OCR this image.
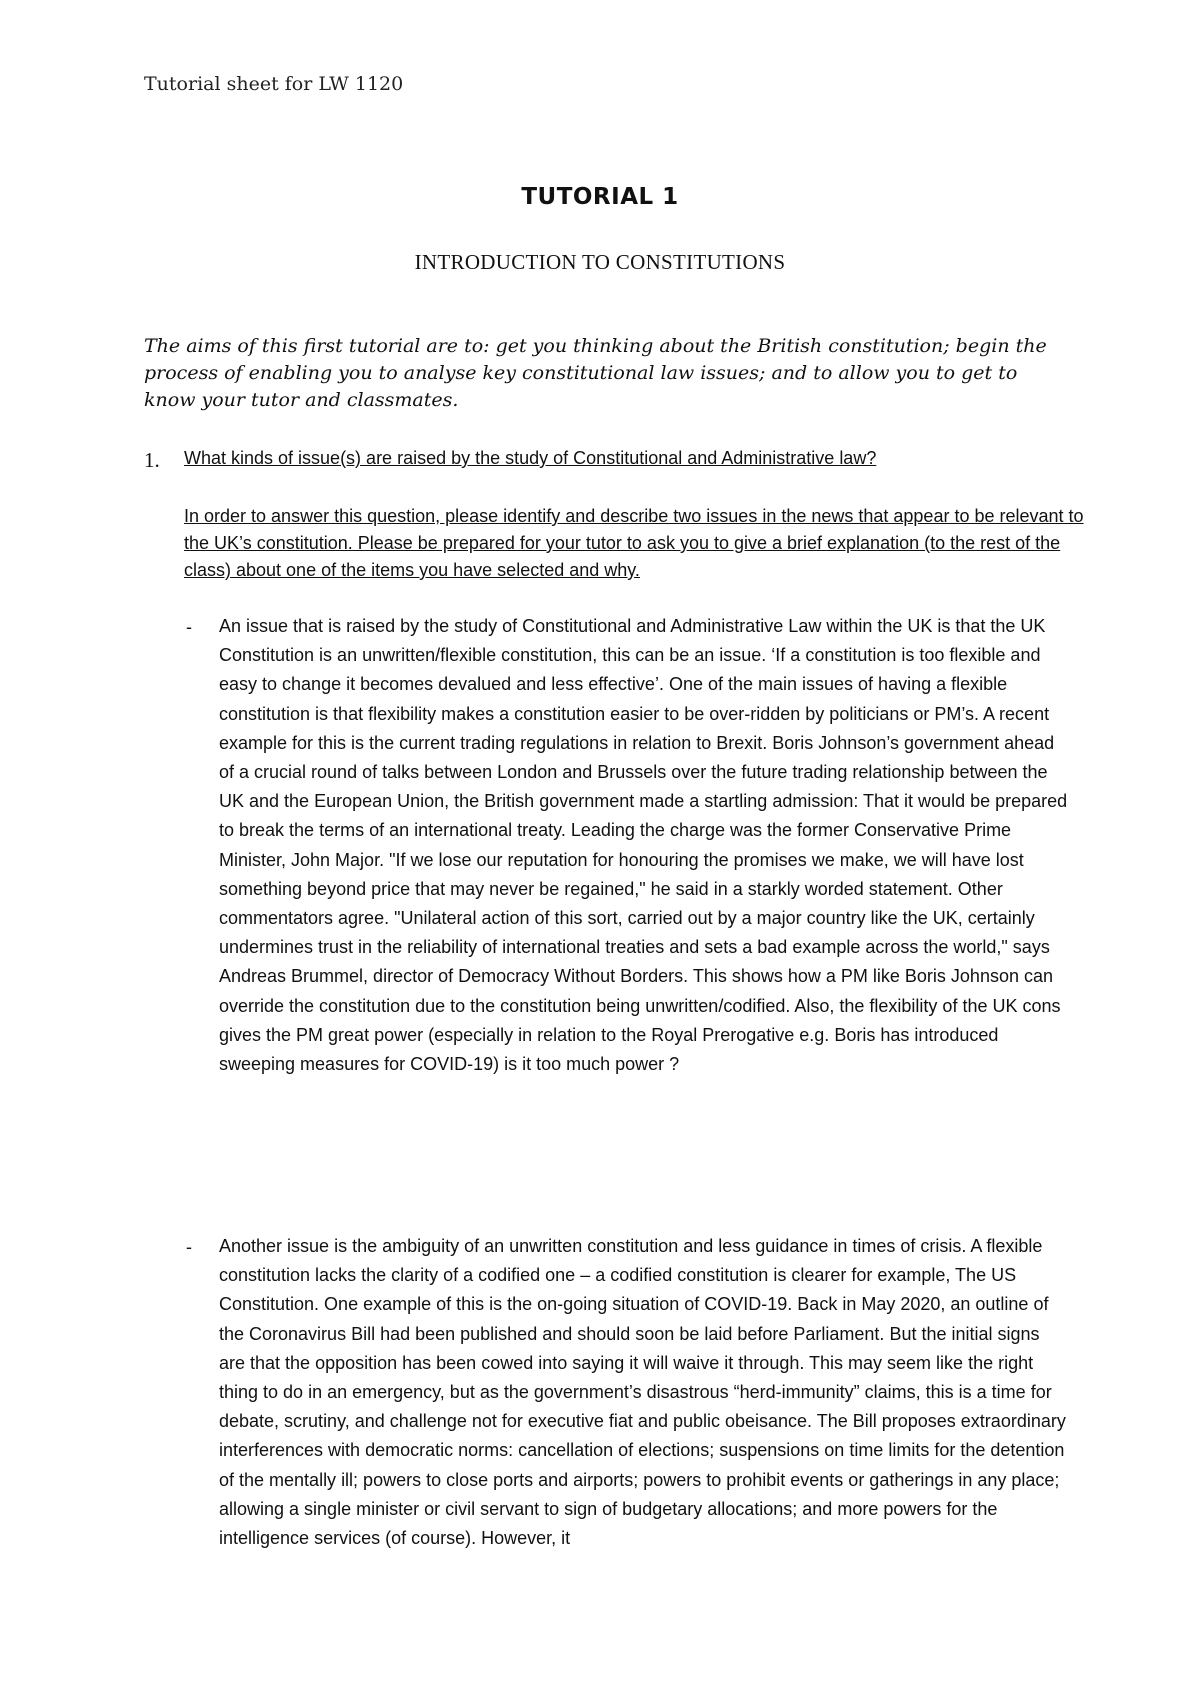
Tutorial sheet for LW 1120
TUTORIAL 1
INTRODUCTION TO CONSTITUTIONS
The aims of this first tutorial are to: get you thinking about the British constitution; begin the process of enabling you to analyse key constitutional law issues; and to allow you to get to know your tutor and classmates.
1. What kinds of issue(s) are raised by the study of Constitutional and Administrative law?
In order to answer this question, please identify and describe two issues in the news that appear to be relevant to the UK’s constitution. Please be prepared for your tutor to ask you to give a brief explanation (to the rest of the class) about one of the items you have selected and why.
- An issue that is raised by the study of Constitutional and Administrative Law within the UK is that the UK Constitution is an unwritten/flexible constitution, this can be an issue. ‘If a constitution is too flexible and easy to change it becomes devalued and less effective’. One of the main issues of having a flexible constitution is that flexibility makes a constitution easier to be over-ridden by politicians or PM’s. A recent example for this is the current trading regulations in relation to Brexit. Boris Johnson’s government ahead of a crucial round of talks between London and Brussels over the future trading relationship between the UK and the European Union, the British government made a startling admission: That it would be prepared to break the terms of an international treaty. Leading the charge was the former Conservative Prime Minister, John Major. "If we lose our reputation for honouring the promises we make, we will have lost something beyond price that may never be regained," he said in a starkly worded statement. Other commentators agree. "Unilateral action of this sort, carried out by a major country like the UK, certainly undermines trust in the reliability of international treaties and sets a bad example across the world," says Andreas Brummel, director of Democracy Without Borders. This shows how a PM like Boris Johnson can override the constitution due to the constitution being unwritten/codified. Also, the flexibility of the UK cons gives the PM great power (especially in relation to the Royal Prerogative e.g. Boris has introduced sweeping measures for COVID-19) is it too much power ?
- Another issue is the ambiguity of an unwritten constitution and less guidance in times of crisis. A flexible constitution lacks the clarity of a codified one – a codified constitution is clearer for example, The US Constitution. One example of this is the on-going situation of COVID-19. Back in May 2020, an outline of the Coronavirus Bill had been published and should soon be laid before Parliament. But the initial signs are that the opposition has been cowed into saying it will waive it through. This may seem like the right thing to do in an emergency, but as the government’s disastrous “herd-immunity” claims, this is a time for debate, scrutiny, and challenge not for executive fiat and public obeisance. The Bill proposes extraordinary interferences with democratic norms: cancellation of elections; suspensions on time limits for the detention of the mentally ill; powers to close ports and airports; powers to prohibit events or gatherings in any place; allowing a single minister or civil servant to sign of budgetary allocations; and more powers for the intelligence services (of course). However, it
